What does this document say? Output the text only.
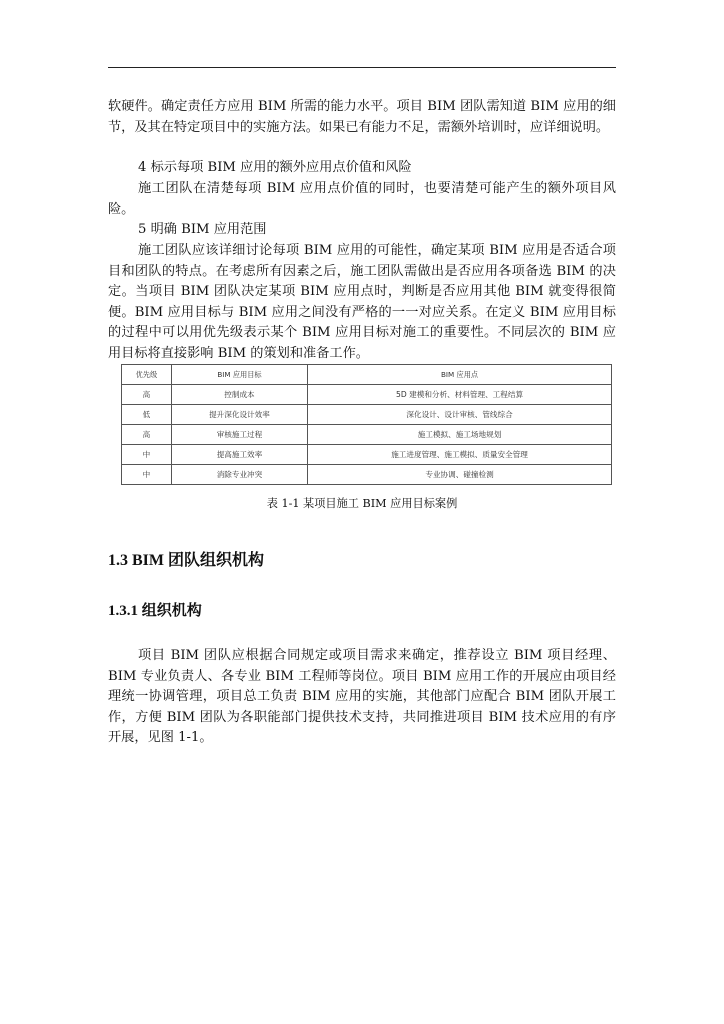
软硬件。确定责任方应用 BIM 所需的能力水平。项目 BIM 团队需知道 BIM 应用的细节，及其在特定项目中的实施方法。如果已有能力不足，需额外培训时，应详细说明。

4 标示每项 BIM 应用的额外应用点价值和风险

施工团队在清楚每项 BIM 应用点价值的同时，也要清楚可能产生的额外项目风险。

5 明确 BIM 应用范围

施工团队应该详细讨论每项 BIM 应用的可能性，确定某项 BIM 应用是否适合项目和团队的特点。在考虑所有因素之后，施工团队需做出是否应用各项备选 BIM 的决定。当项目 BIM 团队决定某项 BIM 应用点时，判断是否应用其他 BIM 就变得很简便。BIM 应用目标与 BIM 应用之间没有严格的一一对应关系。在定义 BIM 应用目标的过程中可以用优先级表示某个 BIM 应用目标对施工的重要性。不同层次的 BIM 应用目标将直接影响 BIM 的策划和准备工作。

优先级	BIM 应用目标	BIM 应用点
高	控制成本	5D 建模和分析、材料管理、工程结算
低	提升深化设计效率	深化设计、设计审核、管线综合
高	审核施工过程	施工模拟、施工场地规划
中	提高施工效率	施工进度管理、施工模拟、质量安全管理
中	消除专业冲突	专业协调、碰撞检测
表 1-1 某项目施工 BIM 应用目标案例
1.3 BIM 团队组织机构
1.3.1 组织机构

项目 BIM 团队应根据合同规定或项目需求来确定，推荐设立 BIM 项目经理、BIM 专业负责人、各专业 BIM 工程师等岗位。项目 BIM 应用工作的开展应由项目经理统一协调管理，项目总工负责 BIM 应用的实施，其他部门应配合 BIM 团队开展工作，方便 BIM 团队为各职能部门提供技术支持，共同推进项目 BIM 技术应用的有序开展，见图 1-1。
